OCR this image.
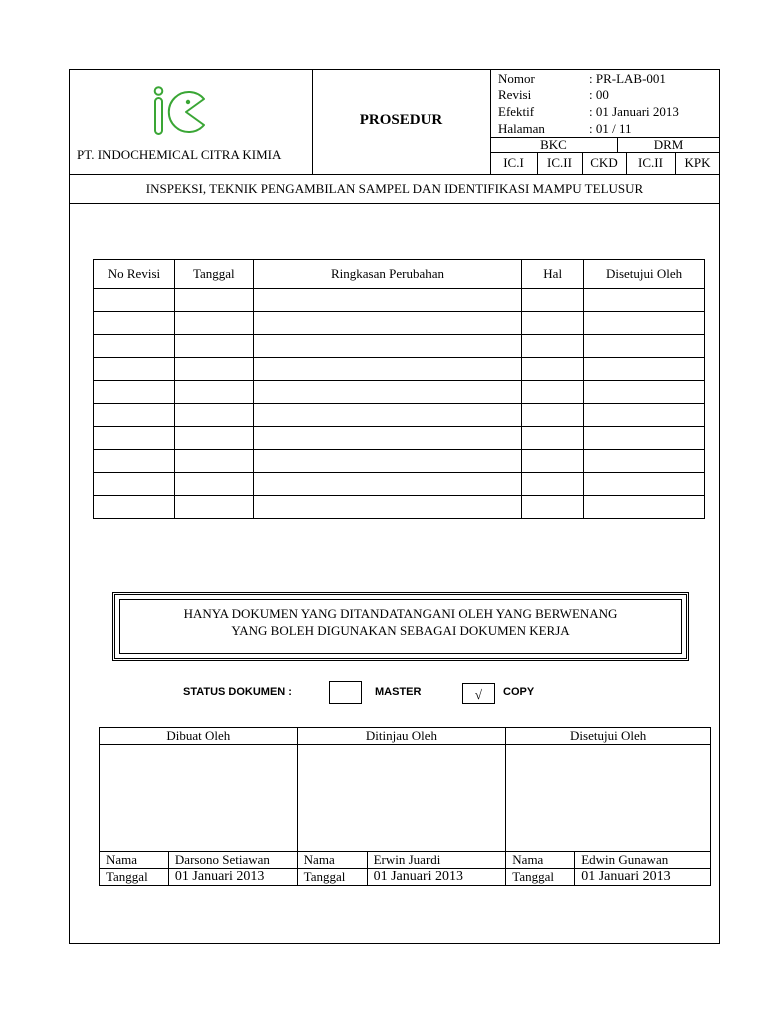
PT. INDOCHEMICAL CITRA KIMIA
PROSEDUR
Nomor	: PR-LAB-001
Revisi	: 00
Efektif	: 01 Januari 2013
Halaman	: 01 / 11
BKC	DRM
IC.I	IC.II	CKD	IC.II	KPK
INSPEKSI, TEKNIK PENGAMBILAN SAMPEL DAN IDENTIFIKASI MAMPU TELUSUR
No Revisi	Tanggal	Ringkasan Perubahan	Hal	Disetujui Oleh

HANYA DOKUMEN YANG DITANDATANGANI OLEH YANG BERWENANG
YANG BOLEH DIGUNAKAN SEBAGAI DOKUMEN KERJA
STATUS DOKUMEN :	MASTER	√	COPY
Dibuat Oleh		Ditinjau Oleh		Disetujui Oleh	

Nama	Darsono Setiawan	Nama	Erwin Juardi	Nama	Edwin Gunawan
Tanggal	01 Januari 2013	Tanggal	01 Januari 2013	Tanggal	01 Januari 2013
